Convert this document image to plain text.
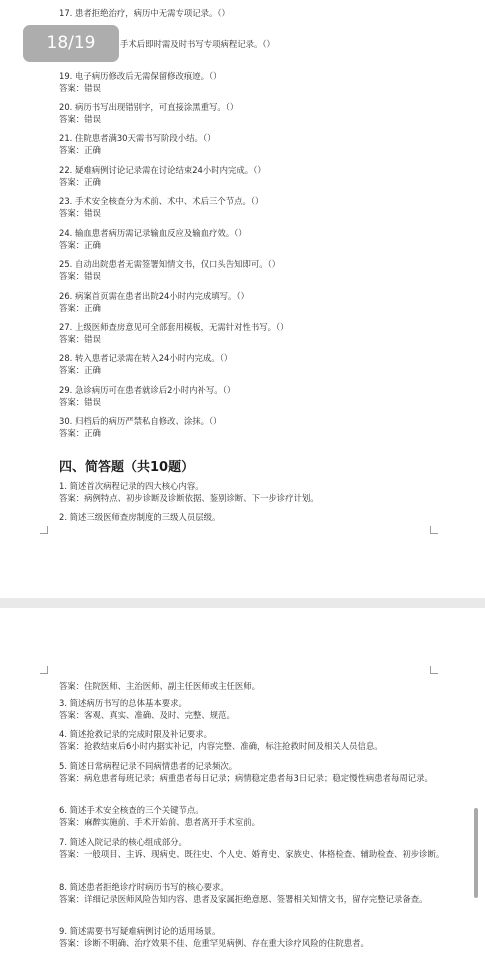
17. 患者拒绝治疗，病历中无需专项记录。（）
手术后即时需及时书写专项病程记录。（）
19. 电子病历修改后无需保留修改痕迹。（）
答案：错误
20. 病历书写出现错别字，可直接涂黑重写。（）
答案：错误
21. 住院患者满30天需书写阶段小结。（）
答案：正确
22. 疑难病例讨论记录需在讨论结束24小时内完成。（）
答案：正确
23. 手术安全核查分为术前、术中、术后三个节点。（）
答案：错误
24. 输血患者病历需记录输血反应及输血疗效。（）
答案：正确
25. 自动出院患者无需签署知情文书，仅口头告知即可。（）
答案：错误
26. 病案首页需在患者出院24小时内完成填写。（）
答案：正确
27. 上级医师查房意见可全部套用模板，无需针对性书写。（）
答案：错误
28. 转入患者记录需在转入24小时内完成。（）
答案：正确
29. 急诊病历可在患者就诊后2小时内补写。（）
答案：错误
30. 归档后的病历严禁私自修改、涂抹。（）
答案：正确
四、简答题（共10题）
1. 简述首次病程记录的四大核心内容。
答案：病例特点、初步诊断及诊断依据、鉴别诊断、下一步诊疗计划。
2. 简述三级医师查房制度的三级人员层级。
答案：住院医师、主治医师、副主任医师或主任医师。
3. 简述病历书写的总体基本要求。
答案：客观、真实、准确、及时、完整、规范。
4. 简述抢救记录的完成时限及补记要求。
答案：抢救结束后6小时内据实补记，内容完整、准确，标注抢救时间及相关人员信息。
5. 简述日常病程记录不同病情患者的记录频次。
答案：病危患者每班记录；病重患者每日记录；病情稳定患者每3日记录；稳定慢性病患者每周记录。
6. 简述手术安全核查的三个关键节点。
答案：麻醉实施前、手术开始前、患者离开手术室前。
7. 简述入院记录的核心组成部分。
答案：一般项目、主诉、现病史、既往史、个人史、婚育史、家族史、体格检查、辅助检查、初步诊断。
8. 简述患者拒绝诊疗时病历书写的核心要求。
答案：详细记录医师风险告知内容、患者及家属拒绝意愿、签署相关知情文书，留存完整记录备查。
9. 简述需要书写疑难病例讨论的适用场景。
答案：诊断不明确、治疗效果不佳、危重罕见病例、存在重大诊疗风险的住院患者。
18/19
